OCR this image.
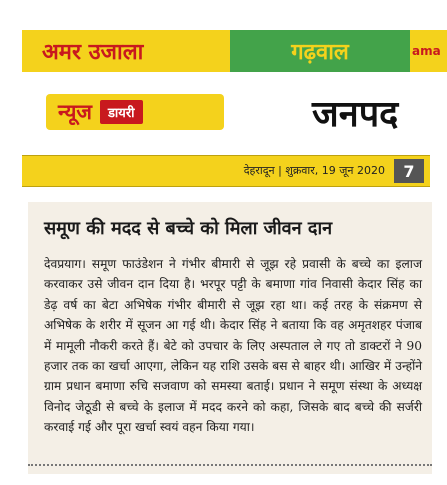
अमर उजाला	गढ़वाल	ama
न्यूज	डायरी	जनपद
देहरादून | शुक्रवार, 19 जून 2020	7
समूण की मदद से बच्चे को मिला जीवन दान
देवप्रयाग। समूण फाउंडेशन ने गंभीर बीमारी से जूझ रहे प्रवासी के बच्चे का इलाज करवाकर उसे जीवन दान दिया है। भरपूर पट्टी के बमाणा गांव निवासी केदार सिंह का डेढ़ वर्ष का बेटा अभिषेक गंभीर बीमारी से जूझ रहा था। कई तरह के संक्रमण से अभिषेक के शरीर में सूजन आ गई थी। केदार सिंह ने बताया कि वह अमृतशहर पंजाब में मामूली नौकरी करते हैं। बेटे को उपचार के लिए अस्पताल ले गए तो डाक्टरों ने 90 हजार तक का खर्चा आएगा, लेकिन यह राशि उसके बस से बाहर थी। आखिर में उन्होंने ग्राम प्रधान बमाणा रुचि सजवाण को समस्या बताई। प्रधान ने समूण संस्था के अध्यक्ष विनोद जेठूडी से बच्चे के इलाज में मदद करने को कहा, जिसके बाद बच्चे की सर्जरी करवाई गई और पूरा खर्चा स्वयं वहन किया गया।
